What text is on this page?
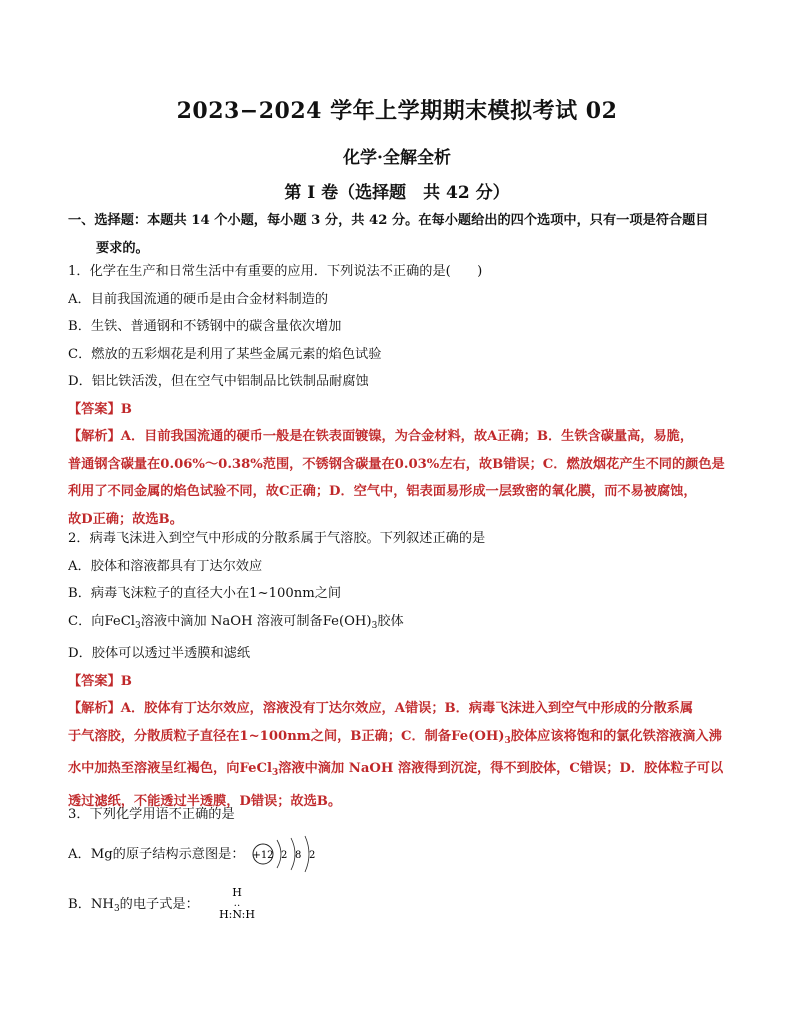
2023−2024 学年上学期期末模拟考试 02
化学·全解全析
第 I 卷（选择题　共 42 分）
一、选择题：本题共 14 个小题，每小题 3 分，共 42 分。在每小题给出的四个选项中，只有一项是符合题目
要求的。
1．化学在生产和日常生活中有重要的应用．下列说法不正确的是(　　)
A．目前我国流通的硬币是由合金材料制造的
B．生铁、普通钢和不锈钢中的碳含量依次增加
C．燃放的五彩烟花是利用了某些金属元素的焰色试验
D．铝比铁活泼，但在空气中铝制品比铁制品耐腐蚀
【答案】B
【解析】A．目前我国流通的硬币一般是在铁表面镀镍，为合金材料，故A正确；B．生铁含碳量高，易脆，
普通钢含碳量在0.06%～0.38%范围，不锈钢含碳量在0.03%左右，故B错误；C．燃放烟花产生不同的颜色是
利用了不同金属的焰色试验不同，故C正确；D．空气中，铝表面易形成一层致密的氧化膜，而不易被腐蚀，
故D正确；故选B。
2．病毒飞沫进入到空气中形成的分散系属于气溶胶。下列叙述正确的是
A．胶体和溶液都具有丁达尔效应
B．病毒飞沫粒子的直径大小在1~100nm之间
C．向FeCl$_3$溶液中滴加 NaOH 溶液可制备$Fe(OH)_3$胶体
D．胶体可以透过半透膜和滤纸
【答案】B
【解析】A．胶体有丁达尔效应，溶液没有丁达尔效应，A错误；B．病毒飞沫进入到空气中形成的分散系属
于气溶胶，分散质粒子直径在1~100nm之间，B正确；C．制备$Fe(OH)_3$胶体应该将饱和的氯化铁溶液滴入沸
水中加热至溶液呈红褐色，向FeCl$_3$溶液中滴加 NaOH 溶液得到沉淀，得不到胶体，C错误；D．胶体粒子可以
透过滤纸，不能透过半透膜，D错误；故选B。
3．下列化学用语不正确的是
A．Mg的原子结构示意图是： +12 2 8 2
B．$NH_3$的电子式是：
H
‥
H:N:H
